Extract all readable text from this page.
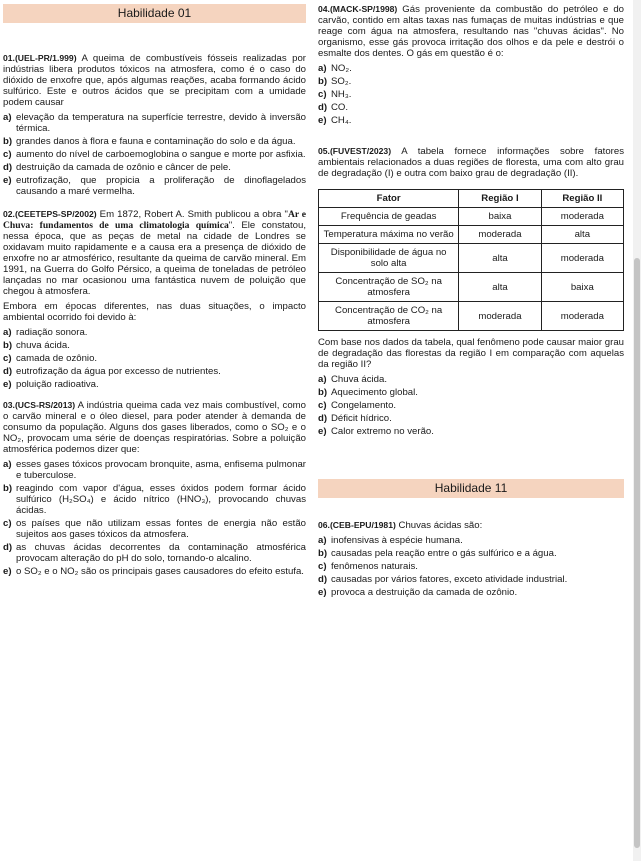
Habilidade 01
01.(UEL-PR/1.999) A queima de combustíveis fósseis realizadas por indústrias libera produtos tóxicos na atmosfera, como é o caso do dióxido de enxofre que, após algumas reações, acaba formando ácido sulfúrico. Este e outros ácidos que se precipitam com a umidade podem causar
a) elevação da temperatura na superfície terrestre, devido à inversão térmica.
b) grandes danos à flora e fauna e contaminação do solo e da água.
c) aumento do nível de carboemoglobina o sangue e morte por asfixia.
d) destruição da camada de ozônio e câncer de pele.
e) eutrofização, que propicia a proliferação de dinoflagelados causando a maré vermelha.
02.(CEETEPS-SP/2002) Em 1872, Robert A. Smith publicou a obra "Ar e Chuva: fundamentos de uma climatologia química". Ele constatou, nessa época, que as peças de metal na cidade de Londres se oxidavam muito rapidamente e a causa era a presença de dióxido de enxofre no ar atmosférico, resultante da queima de carvão mineral. Em 1991, na Guerra do Golfo Pérsico, a queima de toneladas de petróleo lançadas no mar ocasionou uma fantástica nuvem de poluição que chegou à atmosfera.
Embora em épocas diferentes, nas duas situações, o impacto ambiental ocorrido foi devido à:
a) radiação sonora.
b) chuva ácida.
c) camada de ozônio.
d) eutrofização da água por excesso de nutrientes.
e) poluição radioativa.
03.(UCS-RS/2013) A indústria queima cada vez mais combustível, como o carvão mineral e o óleo diesel, para poder atender à demanda de consumo da população. Alguns dos gases liberados, como o SO₂ e o NO₂, provocam uma série de doenças respiratórias. Sobre a poluição atmosférica podemos dizer que:
a) esses gases tóxicos provocam bronquite, asma, enfisema pulmonar e tuberculose.
b) reagindo com vapor d'água, esses óxidos podem formar ácido sulfúrico (H₂SO₄) e ácido nítrico (HNO₃), provocando chuvas ácidas.
c) os países que não utilizam essas fontes de energia não estão sujeitos aos gases tóxicos da atmosfera.
d) as chuvas ácidas decorrentes da contaminação atmosférica provocam alteração do pH do solo, tornando-o alcalino.
e) o SO₂ e o NO₂ são os principais gases causadores do efeito estufa.
04.(MACK-SP/1998) Gás proveniente da combustão do petróleo e do carvão, contido em altas taxas nas fumaças de muitas indústrias e que reage com água na atmosfera, resultando nas "chuvas ácidas". No organismo, esse gás provoca irritação dos olhos e da pele e destrói o esmalte dos dentes. O gás em questão é o:
a) NO₂.
b) SO₂.
c) NH₃.
d) CO.
e) CH₄.
05.(FUVEST/2023) A tabela fornece informações sobre fatores ambientais relacionados a duas regiões de floresta, uma com alto grau de degradação (I) e outra com baixo grau de degradação (II).
Fator	Região I	Região II
Frequência de geadas	baixa	moderada
Temperatura máxima no verão	moderada	alta
Disponibilidade de água no solo alta	alta	moderada
Concentração de SO₂ na atmosfera	alta	baixa
Concentração de CO₂ na atmosfera	moderada	moderada
Com base nos dados da tabela, qual fenômeno pode causar maior grau de degradação das florestas da região I em comparação com aquelas da região II?
a) Chuva ácida.
b) Aquecimento global.
c) Congelamento.
d) Déficit hídrico.
e) Calor extremo no verão.
Habilidade 11
06.(CEB-EPU/1981) Chuvas ácidas são:
a) inofensivas à espécie humana.
b) causadas pela reação entre o gás sulfúrico e a água.
c) fenômenos naturais.
d) causadas por vários fatores, exceto atividade industrial.
e) provoca a destruição da camada de ozônio.
